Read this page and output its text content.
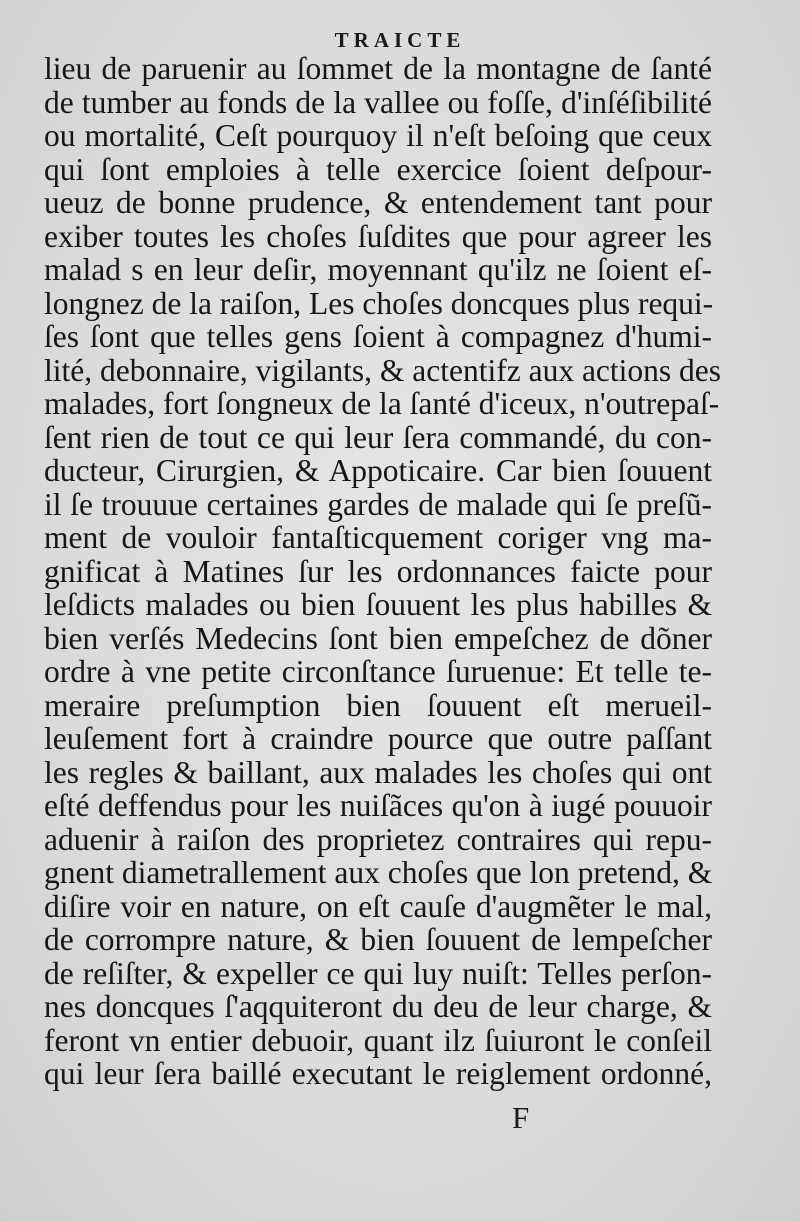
TRAICTE
lieu de paruenir au ſommet de la montagne de ſanté
de tumber au fonds de la vallee ou foſſe, d'inſéſibilité
ou mortalité, Ceſt pourquoy il n'eſt beſoing que ceux
qui ſont emploies à telle exercice ſoient deſpour-
ueuz de bonne prudence, & entendement tant pour
exiber toutes les choſes ſuſdites que pour agreer les
malad s en leur deſir, moyennant qu'ilz ne ſoient eſ-
longnez de la raiſon, Les choſes doncques plus requi-
ſes ſont que telles gens ſoient à compagnez d'humi-
lité, debonnaire, vigilants, & actentifz aux actions des
malades, fort ſongneux de la ſanté d'iceux, n'outrepaſ-
ſent rien de tout ce qui leur ſera commandé, du con-
ducteur, Cirurgien, & Appoticaire. Car bien ſouuent
il ſe trouuue certaines gardes de malade qui ſe preſũ-
ment de vouloir fantaſticquement coriger vng ma-
gnificat à Matines ſur les ordonnances faicte pour
leſdicts malades ou bien ſouuent les plus habilles &
bien verſés Medecins ſont bien empeſchez de dõner
ordre à vne petite circonſtance ſuruenue: Et telle te-
meraire preſumption bien ſouuent eſt merueil-
leuſement fort à craindre pource que outre paſſant
les regles & baillant, aux malades les choſes qui ont
eſté deffendus pour les nuiſãces qu'on à iugé pouuoir
aduenir à raiſon des proprietez contraires qui repu-
gnent diametrallement aux choſes que lon pretend, &
diſire voir en nature, on eſt cauſe d'augmẽter le mal,
de corrompre nature, & bien ſouuent de lempeſcher
de reſiſter, & expeller ce qui luy nuiſt: Telles perſon-
nes doncques ſ'aqquiteront du deu de leur charge, &
feront vn entier debuoir, quant ilz ſuiuront le conſeil
qui leur ſera baillé executant le reiglement ordonné,
F
